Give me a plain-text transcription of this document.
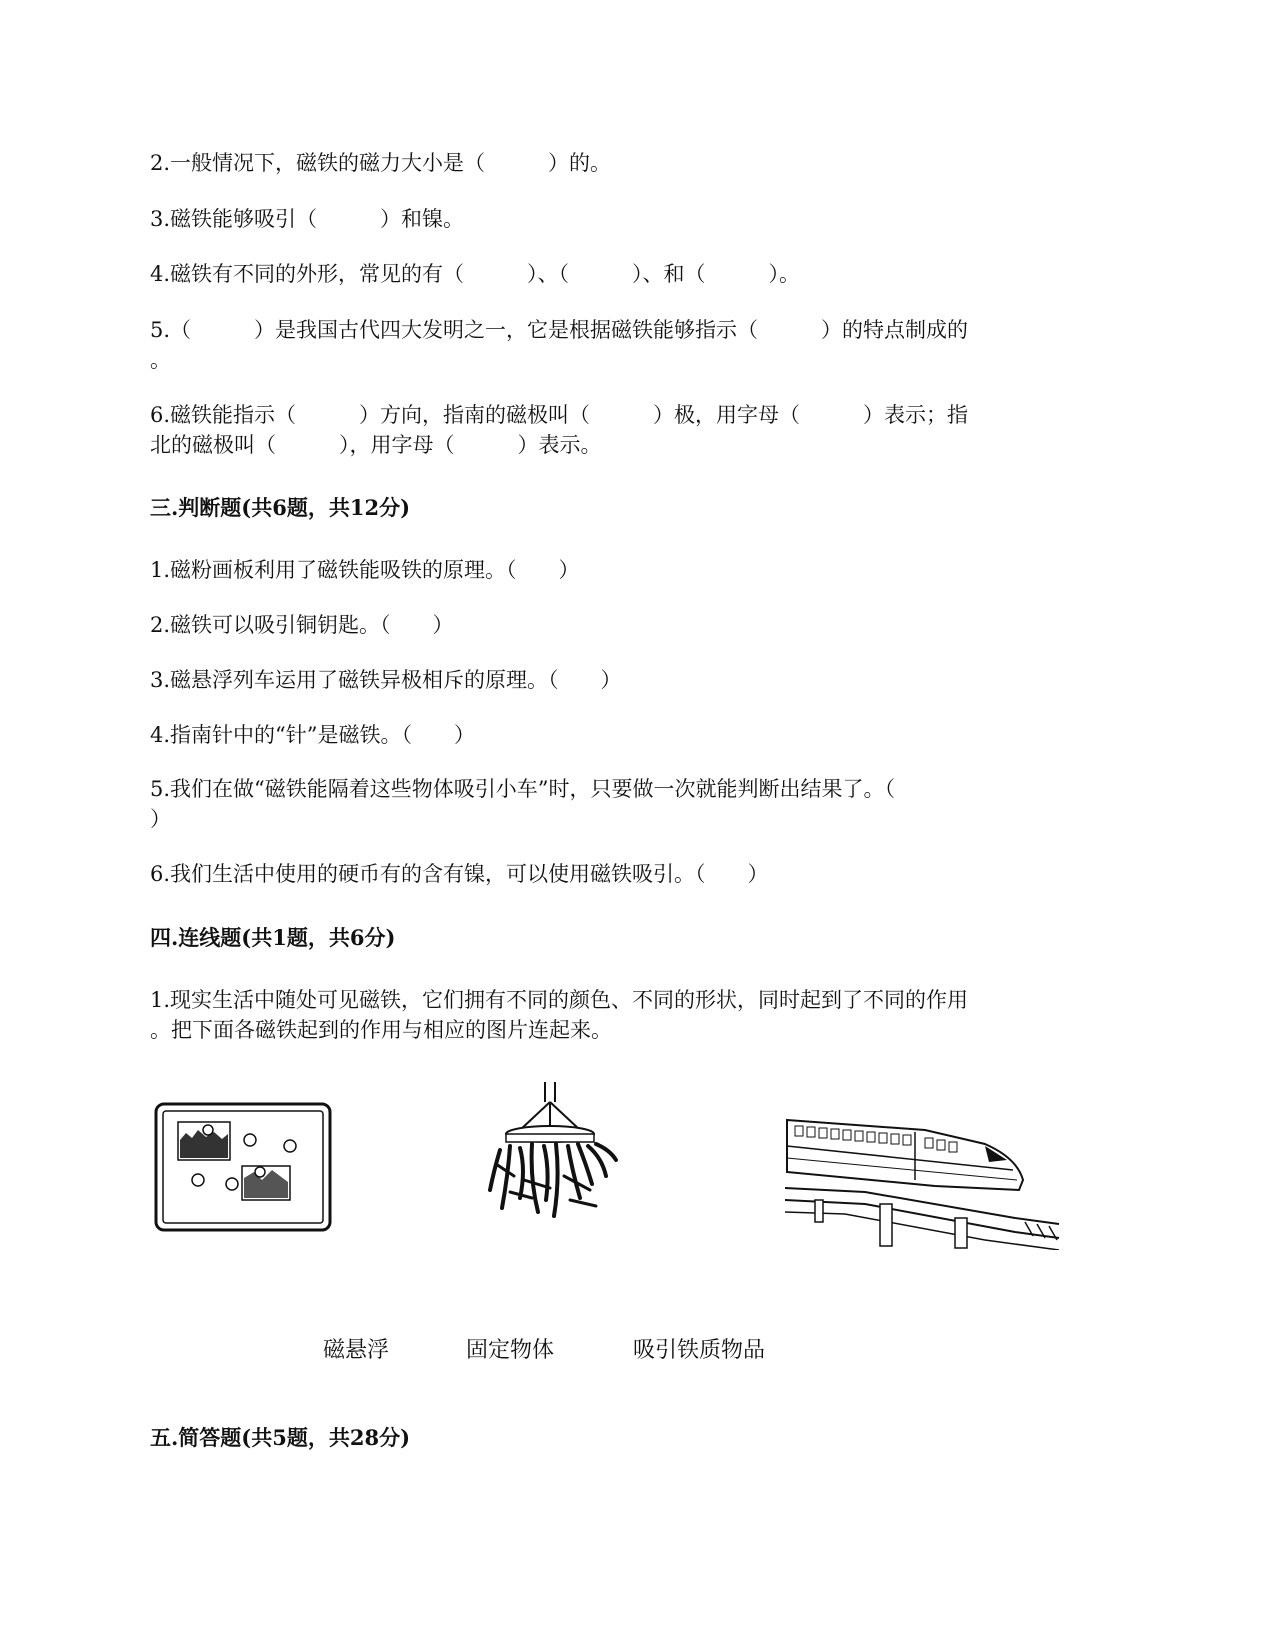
2.一般情况下，磁铁的磁力大小是（　　　）的。
3.磁铁能够吸引（　　　）和镍。
4.磁铁有不同的外形，常见的有（　　　）、（　　　）、和（　　　）。
5.（　　　）是我国古代四大发明之一，它是根据磁铁能够指示（　　　）的特点制成的
。
6.磁铁能指示（　　　）方向，指南的磁极叫（　　　）极，用字母（　　　）表示；指
北的磁极叫（　　　），用字母（　　　）表示。
三.判断题(共6题，共12分)
1.磁粉画板利用了磁铁能吸铁的原理。（　　）
2.磁铁可以吸引铜钥匙。（　　）
3.磁悬浮列车运用了磁铁异极相斥的原理。（　　）
4.指南针中的“针”是磁铁。（　　）
5.我们在做“磁铁能隔着这些物体吸引小车”时，只要做一次就能判断出结果了。（
）
6.我们生活中使用的硬币有的含有镍，可以使用磁铁吸引。（　　）
四.连线题(共1题，共6分)
1.现实生活中随处可见磁铁，它们拥有不同的颜色、不同的形状，同时起到了不同的作用
。把下面各磁铁起到的作用与相应的图片连起来。
磁悬浮	固定物体	吸引铁质物品
五.简答题(共5题，共28分)
